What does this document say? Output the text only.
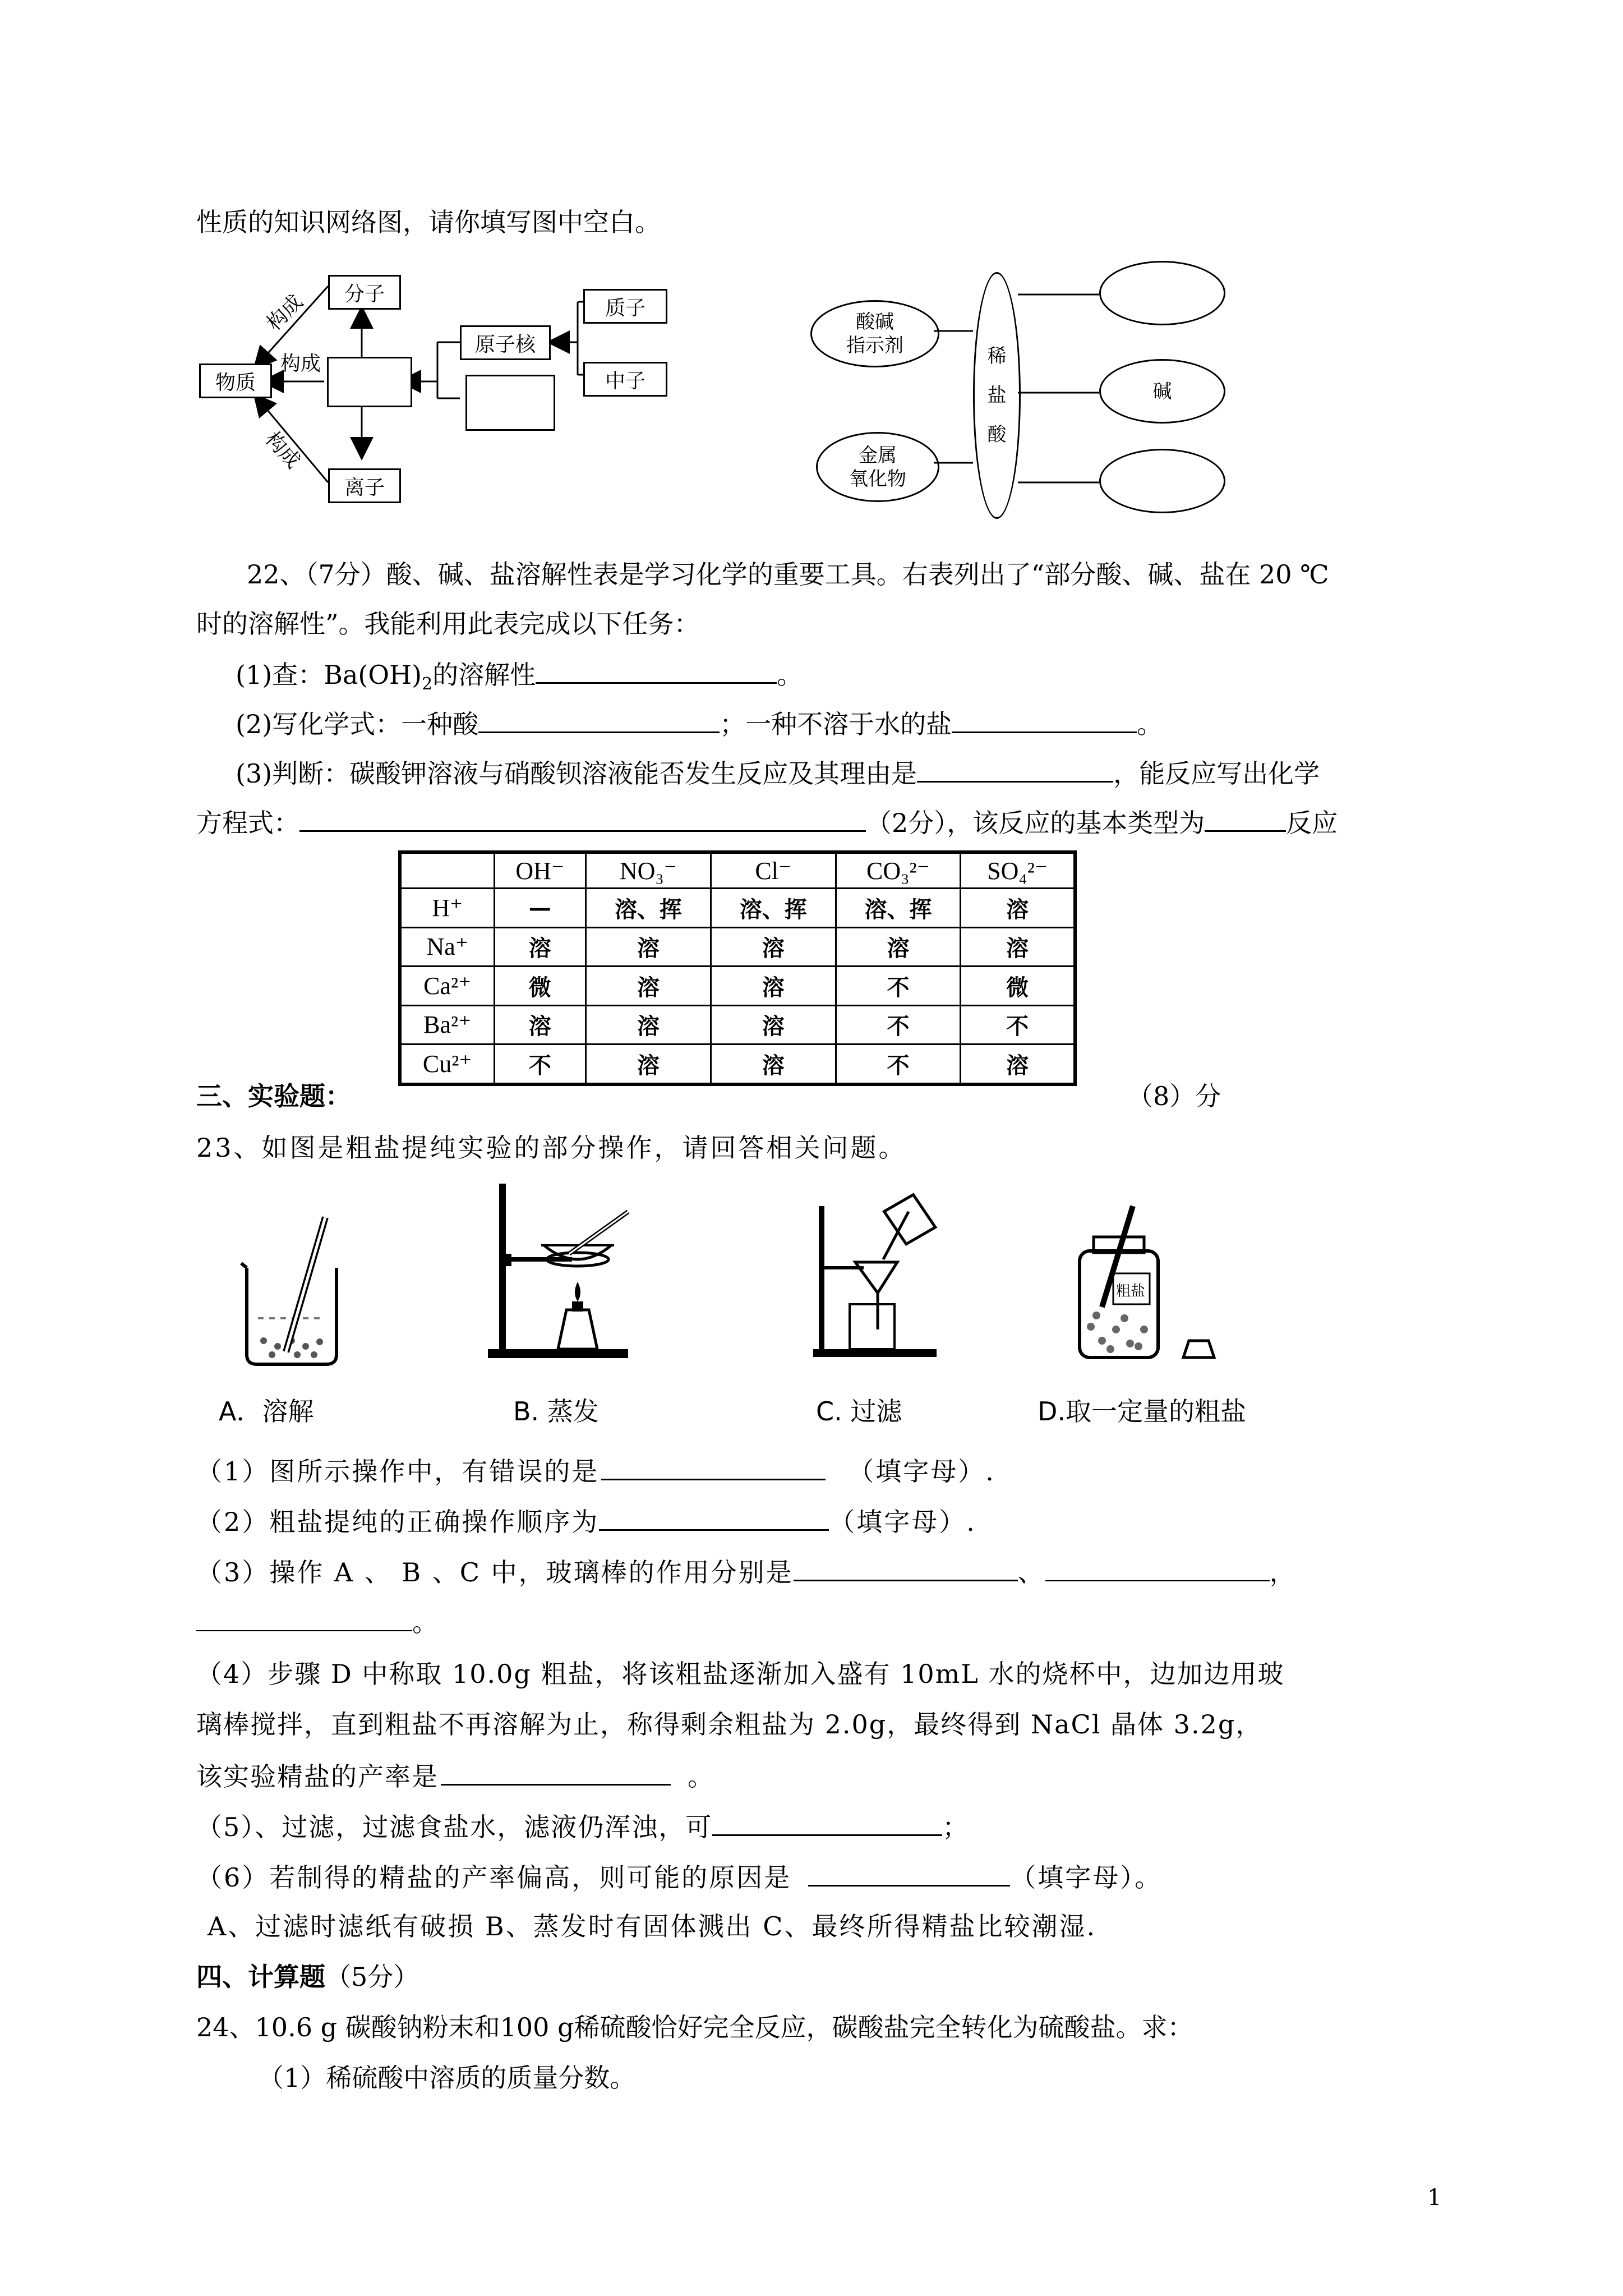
性质的知识网络图，请你填写图中空白。
分子
物质
离子
原子核
质子
中子
构成
构成
构成
酸碱
指示剂
金属
氧化物
稀
盐
酸
碱
22、（7分）酸、碱、盐溶解性表是学习化学的重要工具。右表列出了“部分酸、碱、盐在 20 ℃
时的溶解性”。我能利用此表完成以下任务：
(1)查：$Ba(OH)_2$的溶解性	。
(2)写化学式：一种酸	；一种不溶于水的盐	。
(3)判断：碳酸钾溶液与硝酸钡溶液能否发生反应及其理由是	，能反应写出化学
方程式：	（2分），该反应的基本类型为	反应
	OH⁻	NO₃⁻	Cl⁻	CO₃²⁻	SO₄²⁻
H⁺	—	溶、挥	溶、挥	溶、挥	溶
Na⁺	溶	溶	溶	溶	溶
Ca²⁺	微	溶	溶	不	微
Ba²⁺	溶	溶	溶	不	不
Cu²⁺	不	溶	溶	不	溶
三、实验题：	（8）分
23、如图是粗盐提纯实验的部分操作，请回答相关问题。
粗盐
A．溶解	B. 蒸发	C. 过滤	D.取一定量的粗盐
（1）图所示操作中，有错误的是	（填字母）.
（2）粗盐提纯的正确操作顺序为	（填字母）.
（3）操作 A 、 B 、C 中，玻璃棒的作用分别是	、	，
。
（4）步骤 D 中称取 10.0g 粗盐，将该粗盐逐渐加入盛有 10mL 水的烧杯中，边加边用玻
璃棒搅拌，直到粗盐不再溶解为止，称得剩余粗盐为 2.0g，最终得到 NaCl 晶体 3.2g，
该实验精盐的产率是	。
（5）、过滤，过滤食盐水，滤液仍浑浊，可	；
（6）若制得的精盐的产率偏高，则可能的原因是	（填字母）。
A、过滤时滤纸有破损 B、蒸发时有固体溅出 C、最终所得精盐比较潮湿.
四、计算题（5分）
24、10.6 g 碳酸钠粉末和100 g稀硫酸恰好完全反应，碳酸盐完全转化为硫酸盐。求：
（1）稀硫酸中溶质的质量分数。
1
